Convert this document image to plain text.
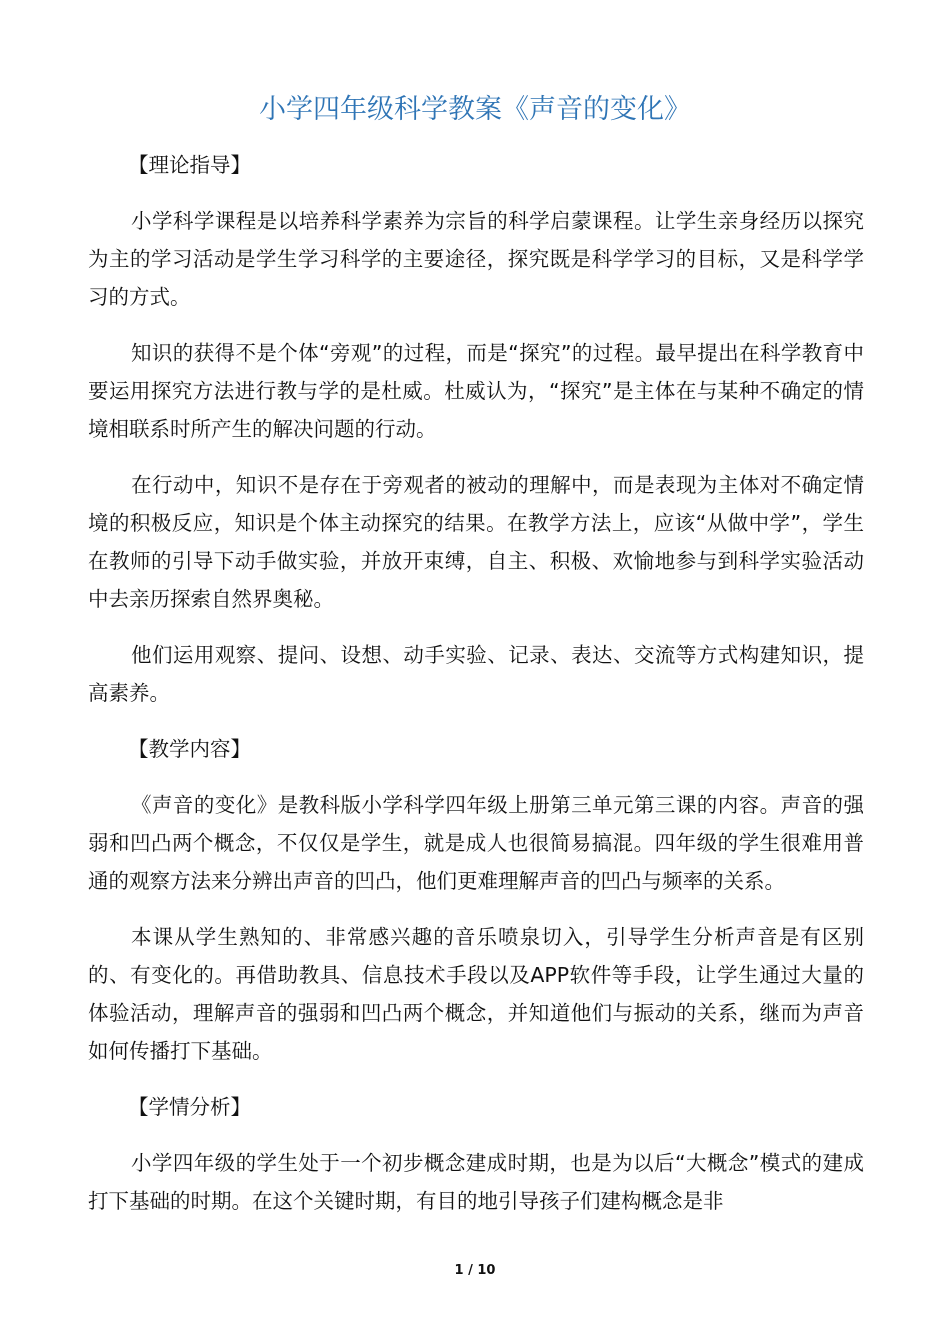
小学四年级科学教案《声音的变化》

【理论指导】

小学科学课程是以培养科学素养为宗旨的科学启蒙课程。让学生亲身经历以探究为主的学习活动是学生学习科学的主要途径，探究既是科学学习的目标，又是科学学习的方式。

知识的获得不是个体“旁观”的过程，而是“探究”的过程。最早提出在科学教育中要运用探究方法进行教与学的是杜威。杜威认为，“探究”是主体在与某种不确定的情境相联系时所产生的解决问题的行动。

在行动中，知识不是存在于旁观者的被动的理解中，而是表现为主体对不确定情境的积极反应，知识是个体主动探究的结果。在教学方法上，应该“从做中学”，学生在教师的引导下动手做实验，并放开束缚，自主、积极、欢愉地参与到科学实验活动中去亲历探索自然界奥秘。

他们运用观察、提问、设想、动手实验、记录、表达、交流等方式构建知识，提高素养。

【教学内容】

《声音的变化》是教科版小学科学四年级上册第三单元第三课的内容。声音的强弱和凹凸两个概念，不仅仅是学生，就是成人也很简易搞混。四年级的学生很难用普通的观察方法来分辨出声音的凹凸，他们更难理解声音的凹凸与频率的关系。

本课从学生熟知的、非常感兴趣的音乐喷泉切入，引导学生分析声音是有区别的、有变化的。再借助教具、信息技术手段以及APP软件等手段，让学生通过大量的体验活动，理解声音的强弱和凹凸两个概念，并知道他们与振动的关系，继而为声音如何传播打下基础。

【学情分析】

小学四年级的学生处于一个初步概念建成时期，也是为以后“大概念”模式的建成打下基础的时期。在这个关键时期，有目的地引导孩子们建构概念是非

1 / 10
